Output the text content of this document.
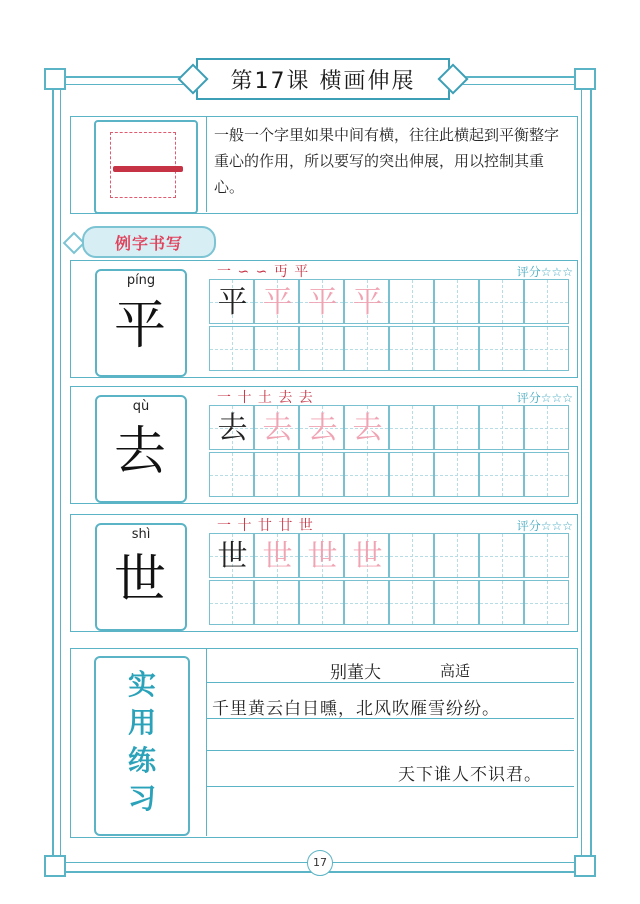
第17课 横画伸展
一般一个字里如果中间有横，往往此横起到平衡整字重心的作用，所以要写的突出伸展，用以控制其重心。
例字书写
píng
平
一 ∽ ∽ 丏 平	评分☆☆☆
平 平 平 平
qù
去
一 十 土 去 去	评分☆☆☆
去 去 去 去
shì
世
一 十 廿 廿 世	评分☆☆☆
世 世 世 世
实
用
练
习
别董大	高适
千里黄云白日曛，北风吹雁雪纷纷。
天下谁人不识君。
17
